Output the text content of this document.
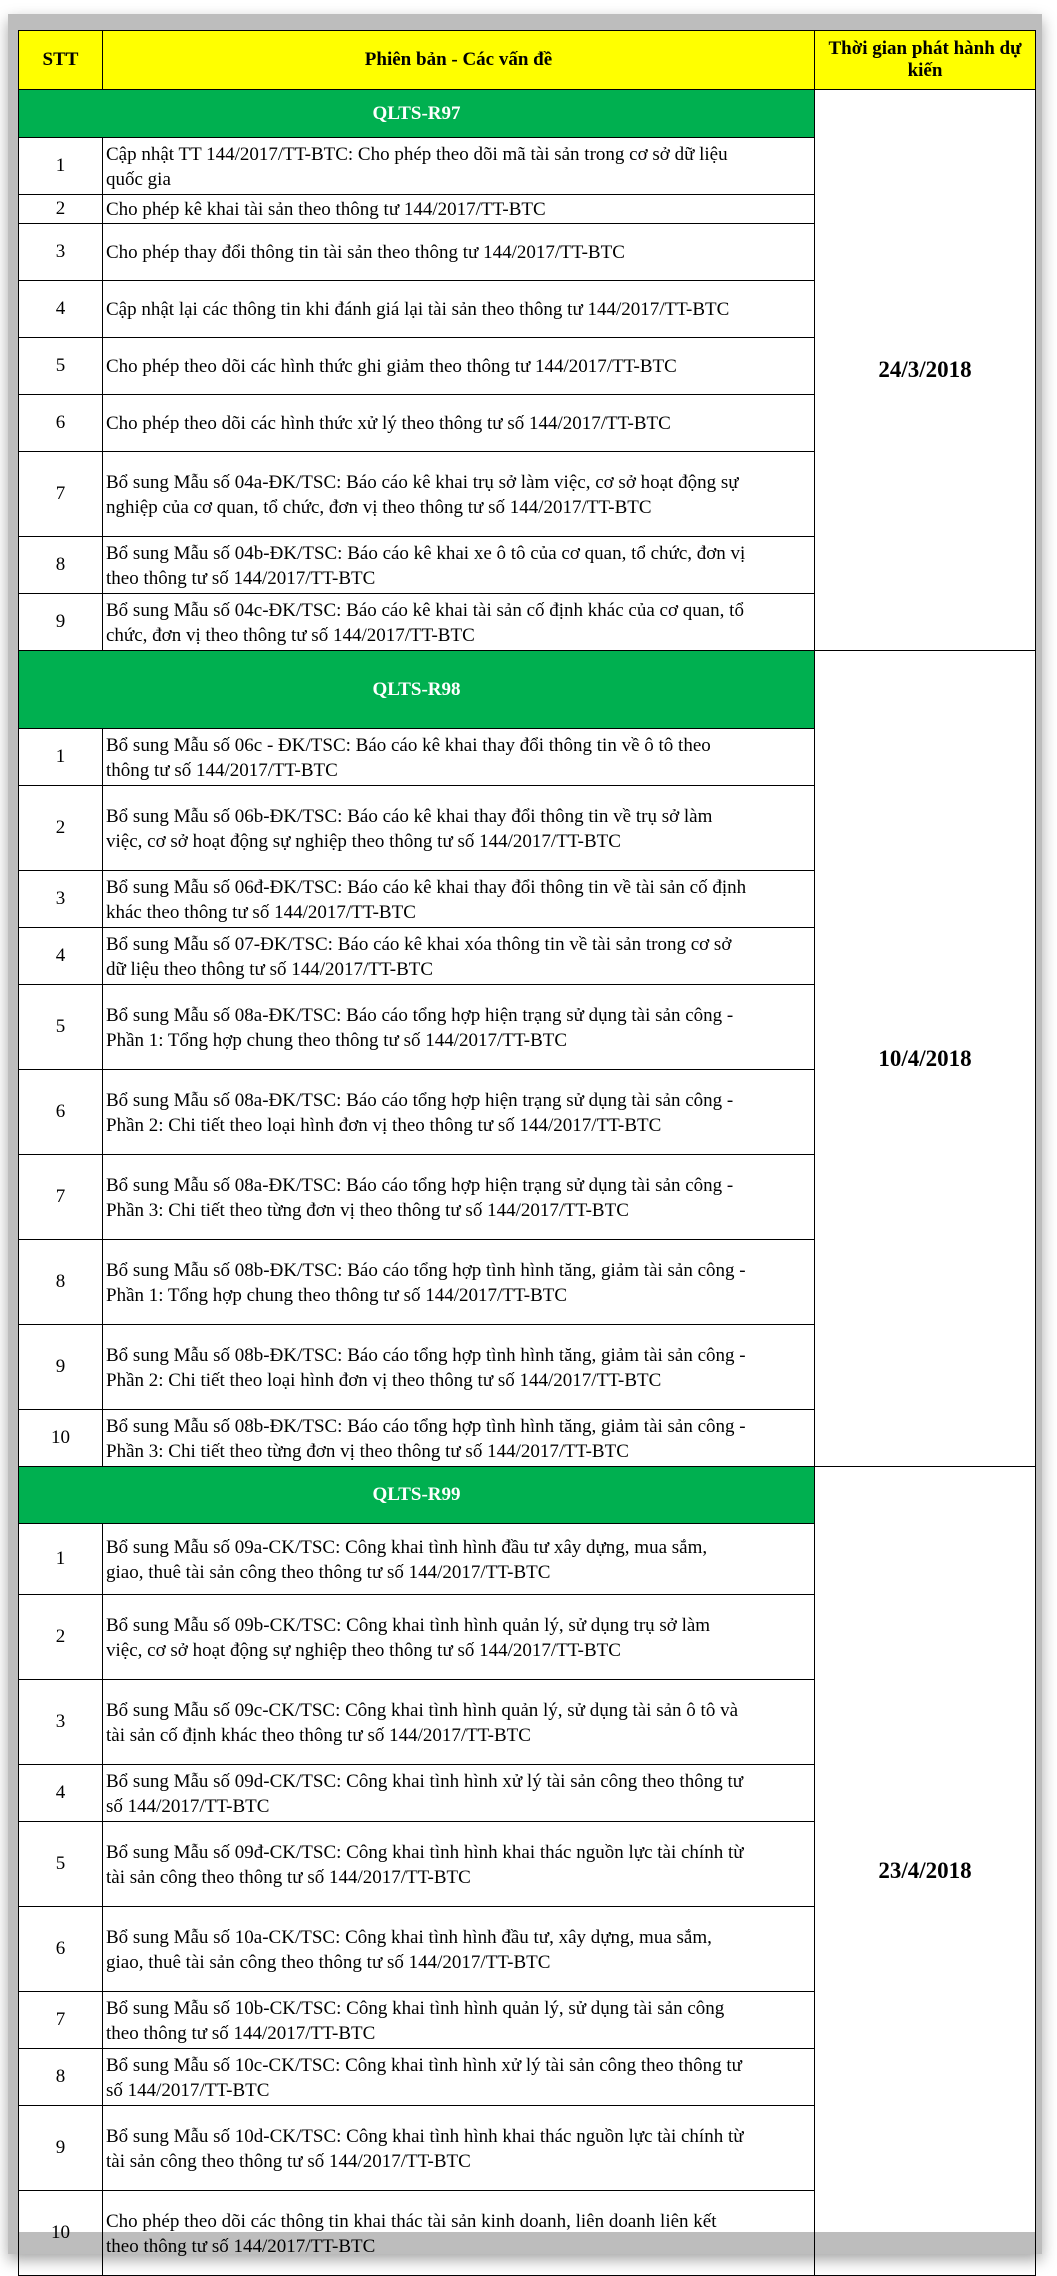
STT	Phiên bản - Các vấn đề	Thời gian phát hành dự kiến
QLTS-R97		24/3/2018
1	Cập nhật TT 144/2017/TT-BTC: Cho phép theo dõi mã tài sản trong cơ sở dữ liệu
quốc gia	

2	Cho phép kê khai tài sản theo thông tư 144/2017/TT-BTC	

3	Cho phép thay đổi thông tin tài sản theo thông tư 144/2017/TT-BTC	

4	Cập nhật lại các thông tin khi đánh giá lại tài sản theo thông tư 144/2017/TT-BTC	

5	Cho phép theo dõi các hình thức ghi giảm theo thông tư 144/2017/TT-BTC	

6	Cho phép theo dõi các hình thức xử lý theo thông tư số 144/2017/TT-BTC	

7	Bổ sung Mẫu số 04a-ĐK/TSC: Báo cáo kê khai trụ sở làm việc, cơ sở hoạt động sự
nghiệp của cơ quan, tổ chức, đơn vị theo thông tư số 144/2017/TT-BTC	

8	Bổ sung Mẫu số 04b-ĐK/TSC: Báo cáo kê khai xe ô tô của cơ quan, tổ chức, đơn vị
theo thông tư số 144/2017/TT-BTC	

9	Bổ sung Mẫu số 04c-ĐK/TSC: Báo cáo kê khai tài sản cố định khác của cơ quan, tổ
chức, đơn vị theo thông tư số 144/2017/TT-BTC	

QLTS-R98		10/4/2018
1	Bổ sung Mẫu số 06c - ĐK/TSC: Báo cáo kê khai thay đổi thông tin về ô tô theo
thông tư số 144/2017/TT-BTC	

2	Bổ sung Mẫu số 06b-ĐK/TSC: Báo cáo kê khai thay đổi thông tin về trụ sở làm
việc, cơ sở hoạt động sự nghiệp theo thông tư số 144/2017/TT-BTC	

3	Bổ sung Mẫu số 06đ-ĐK/TSC: Báo cáo kê khai thay đổi thông tin về tài sản cố định
khác theo thông tư số 144/2017/TT-BTC	

4	Bổ sung Mẫu số 07-ĐK/TSC: Báo cáo kê khai xóa thông tin về tài sản trong cơ sở
dữ liệu theo thông tư số 144/2017/TT-BTC	

5	Bổ sung Mẫu số 08a-ĐK/TSC: Báo cáo tổng hợp hiện trạng sử dụng tài sản công -
Phần 1: Tổng hợp chung theo thông tư số 144/2017/TT-BTC	

6	Bổ sung Mẫu số 08a-ĐK/TSC: Báo cáo tổng hợp hiện trạng sử dụng tài sản công -
Phần 2: Chi tiết theo loại hình đơn vị theo thông tư số 144/2017/TT-BTC	

7	Bổ sung Mẫu số 08a-ĐK/TSC: Báo cáo tổng hợp hiện trạng sử dụng tài sản công -
Phần 3: Chi tiết theo từng đơn vị theo thông tư số 144/2017/TT-BTC	

8	Bổ sung Mẫu số 08b-ĐK/TSC: Báo cáo tổng hợp tình hình tăng, giảm tài sản công -
Phần 1: Tổng hợp chung theo thông tư số 144/2017/TT-BTC	

9	Bổ sung Mẫu số 08b-ĐK/TSC: Báo cáo tổng hợp tình hình tăng, giảm tài sản công -
Phần 2: Chi tiết theo loại hình đơn vị theo thông tư số 144/2017/TT-BTC	

10	Bổ sung Mẫu số 08b-ĐK/TSC: Báo cáo tổng hợp tình hình tăng, giảm tài sản công -
Phần 3: Chi tiết theo từng đơn vị theo thông tư số 144/2017/TT-BTC	

QLTS-R99		23/4/2018
1	Bổ sung Mẫu số 09a-CK/TSC: Công khai tình hình đầu tư xây dựng, mua sắm,
giao, thuê tài sản công theo thông tư số 144/2017/TT-BTC	

2	Bổ sung Mẫu số 09b-CK/TSC: Công khai tình hình quản lý, sử dụng trụ sở làm
việc, cơ sở hoạt động sự nghiệp theo thông tư số 144/2017/TT-BTC	

3	Bổ sung Mẫu số 09c-CK/TSC: Công khai tình hình quản lý, sử dụng tài sản ô tô và
tài sản cố định khác theo thông tư số 144/2017/TT-BTC	

4	Bổ sung Mẫu số 09d-CK/TSC: Công khai tình hình xử lý tài sản công theo thông tư
số 144/2017/TT-BTC	

5	Bổ sung Mẫu số 09đ-CK/TSC: Công khai tình hình khai thác nguồn lực tài chính từ
tài sản công theo thông tư số 144/2017/TT-BTC	

6	Bổ sung Mẫu số 10a-CK/TSC: Công khai tình hình đầu tư, xây dựng, mua sắm,
giao, thuê tài sản công theo thông tư số 144/2017/TT-BTC	

7	Bổ sung Mẫu số 10b-CK/TSC: Công khai tình hình quản lý, sử dụng tài sản công
theo thông tư số 144/2017/TT-BTC	

8	Bổ sung Mẫu số 10c-CK/TSC: Công khai tình hình xử lý tài sản công theo thông tư
số 144/2017/TT-BTC	

9	Bổ sung Mẫu số 10d-CK/TSC: Công khai tình hình khai thác nguồn lực tài chính từ
tài sản công theo thông tư số 144/2017/TT-BTC	

10	Cho phép theo dõi các thông tin khai thác tài sản kinh doanh, liên doanh liên kết
theo thông tư số 144/2017/TT-BTC	
